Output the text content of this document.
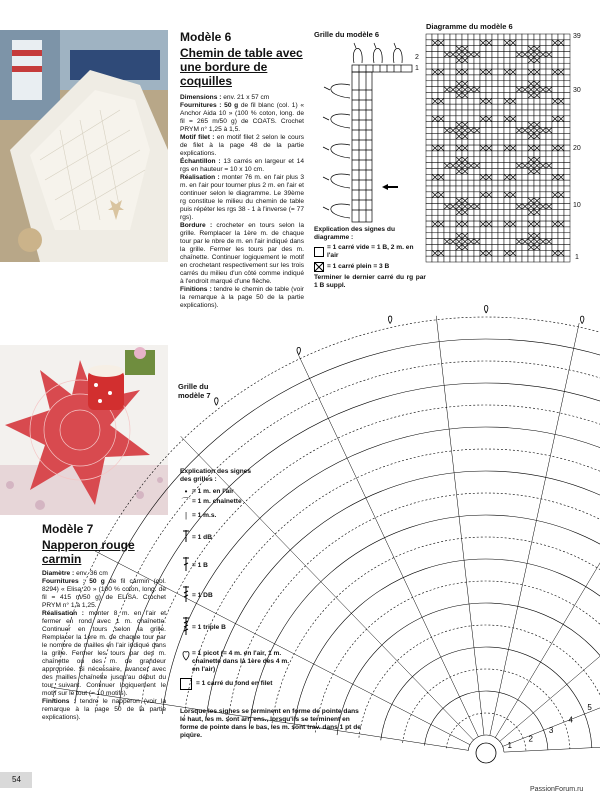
Modèle 6
Chemin de table avec une bordure de coquilles

Dimensions : env. 21 x 57 cm

Fournitures : 50 g de fil blanc (col. 1) « Anchor Aida 10 » (100 % coton, long. de fil = 265 m/50 g) de COATS. Crochet PRYM n° 1,25 à 1,5.

Motif filet : en motif filet 2 selon le cours de filet à la page 48 de la partie explications.

Échantillon : 13 carrés en largeur et 14 rgs en hauteur = 10 x 10 cm.

Réalisation : monter 76 m. en l'air plus 3 m. en l'air pour tourner plus 2 m. en l'air et continuer selon le diagramme. Le 39ème rg constitue le milieu du chemin de table puis répéter les rgs 38 - 1 à l'inverse (= 77 rgs).

Bordure : crocheter en tours selon la grille. Remplacer la 1ère m. de chaque tour par le nbre de m. en l'air indiqué dans la grille. Fermer les tours par des m. chaînette. Continuer logiquement le motif en crochetant respectivement sur les trois carrés du milieu d'un côté comme indiqué à l'endroit marqué d'une flèche.

Finitions : tendre le chemin de table (voir la remarque à la page 50 de la partie explications).

Grille du modèle 6
2
1
Explication des signes du diagramme :
= 1 carré vide = 1 B, 2 m. en l'air
= 1 carré plein = 3 B
Terminer le dernier carré du rg par 1 B suppl.
Diagramme du modèle 6
39
30
20
10
1
Modèle 7
Napperon rouge carmin

Diamètre : env. 36 cm

Fournitures : 50 g de fil carmin (col. 8294) « Elisa 20 » (100 % coton, long. de fil = 415 m/50 g) de ELISA. Crochet PRYM n° 1 à 1,25.

Réalisation : monter 8 m. en l'air et fermer en rond avec 1 m. chaînette. Continuer en tours selon la grille. Remplacer la 1ère m. de chaque tour par le nombre de mailles en l'air indiqué dans la grille. Fermer les tours par des m. chaînette ou des m. de grandeur appropriée. Si nécessaire, avancer avec des mailles chaînette jusqu'au début du tour suivant. Continuer logiquement le motif sur le tout (= 10 motifs).

Finitions : tendre le napperon (voir la remarque à la page 50 de la partie explications).

Grille du modèle 7
5
4
3
2
1
Explication des signes des grilles :
• = 1 m. en l'air
⌒ = 1 m. chaînette
| = 1 m.s.
= 1 dB
= 1 B
= 1 DB
= 1 triple B
= 1 picot (= 4 m. en l'air, 1 m. chaînette dans la 1ère des 4 m. en l'air)
= 1 carré du fond en filet
Lorsque les signes se terminent en forme de pointe dans le haut, les m. sont arr. ens., lorsqu'ils se terminent en forme de pointe dans le bas, les m. sont trav. dans 1 pt de piqûre.
54
PassionForum.ru
